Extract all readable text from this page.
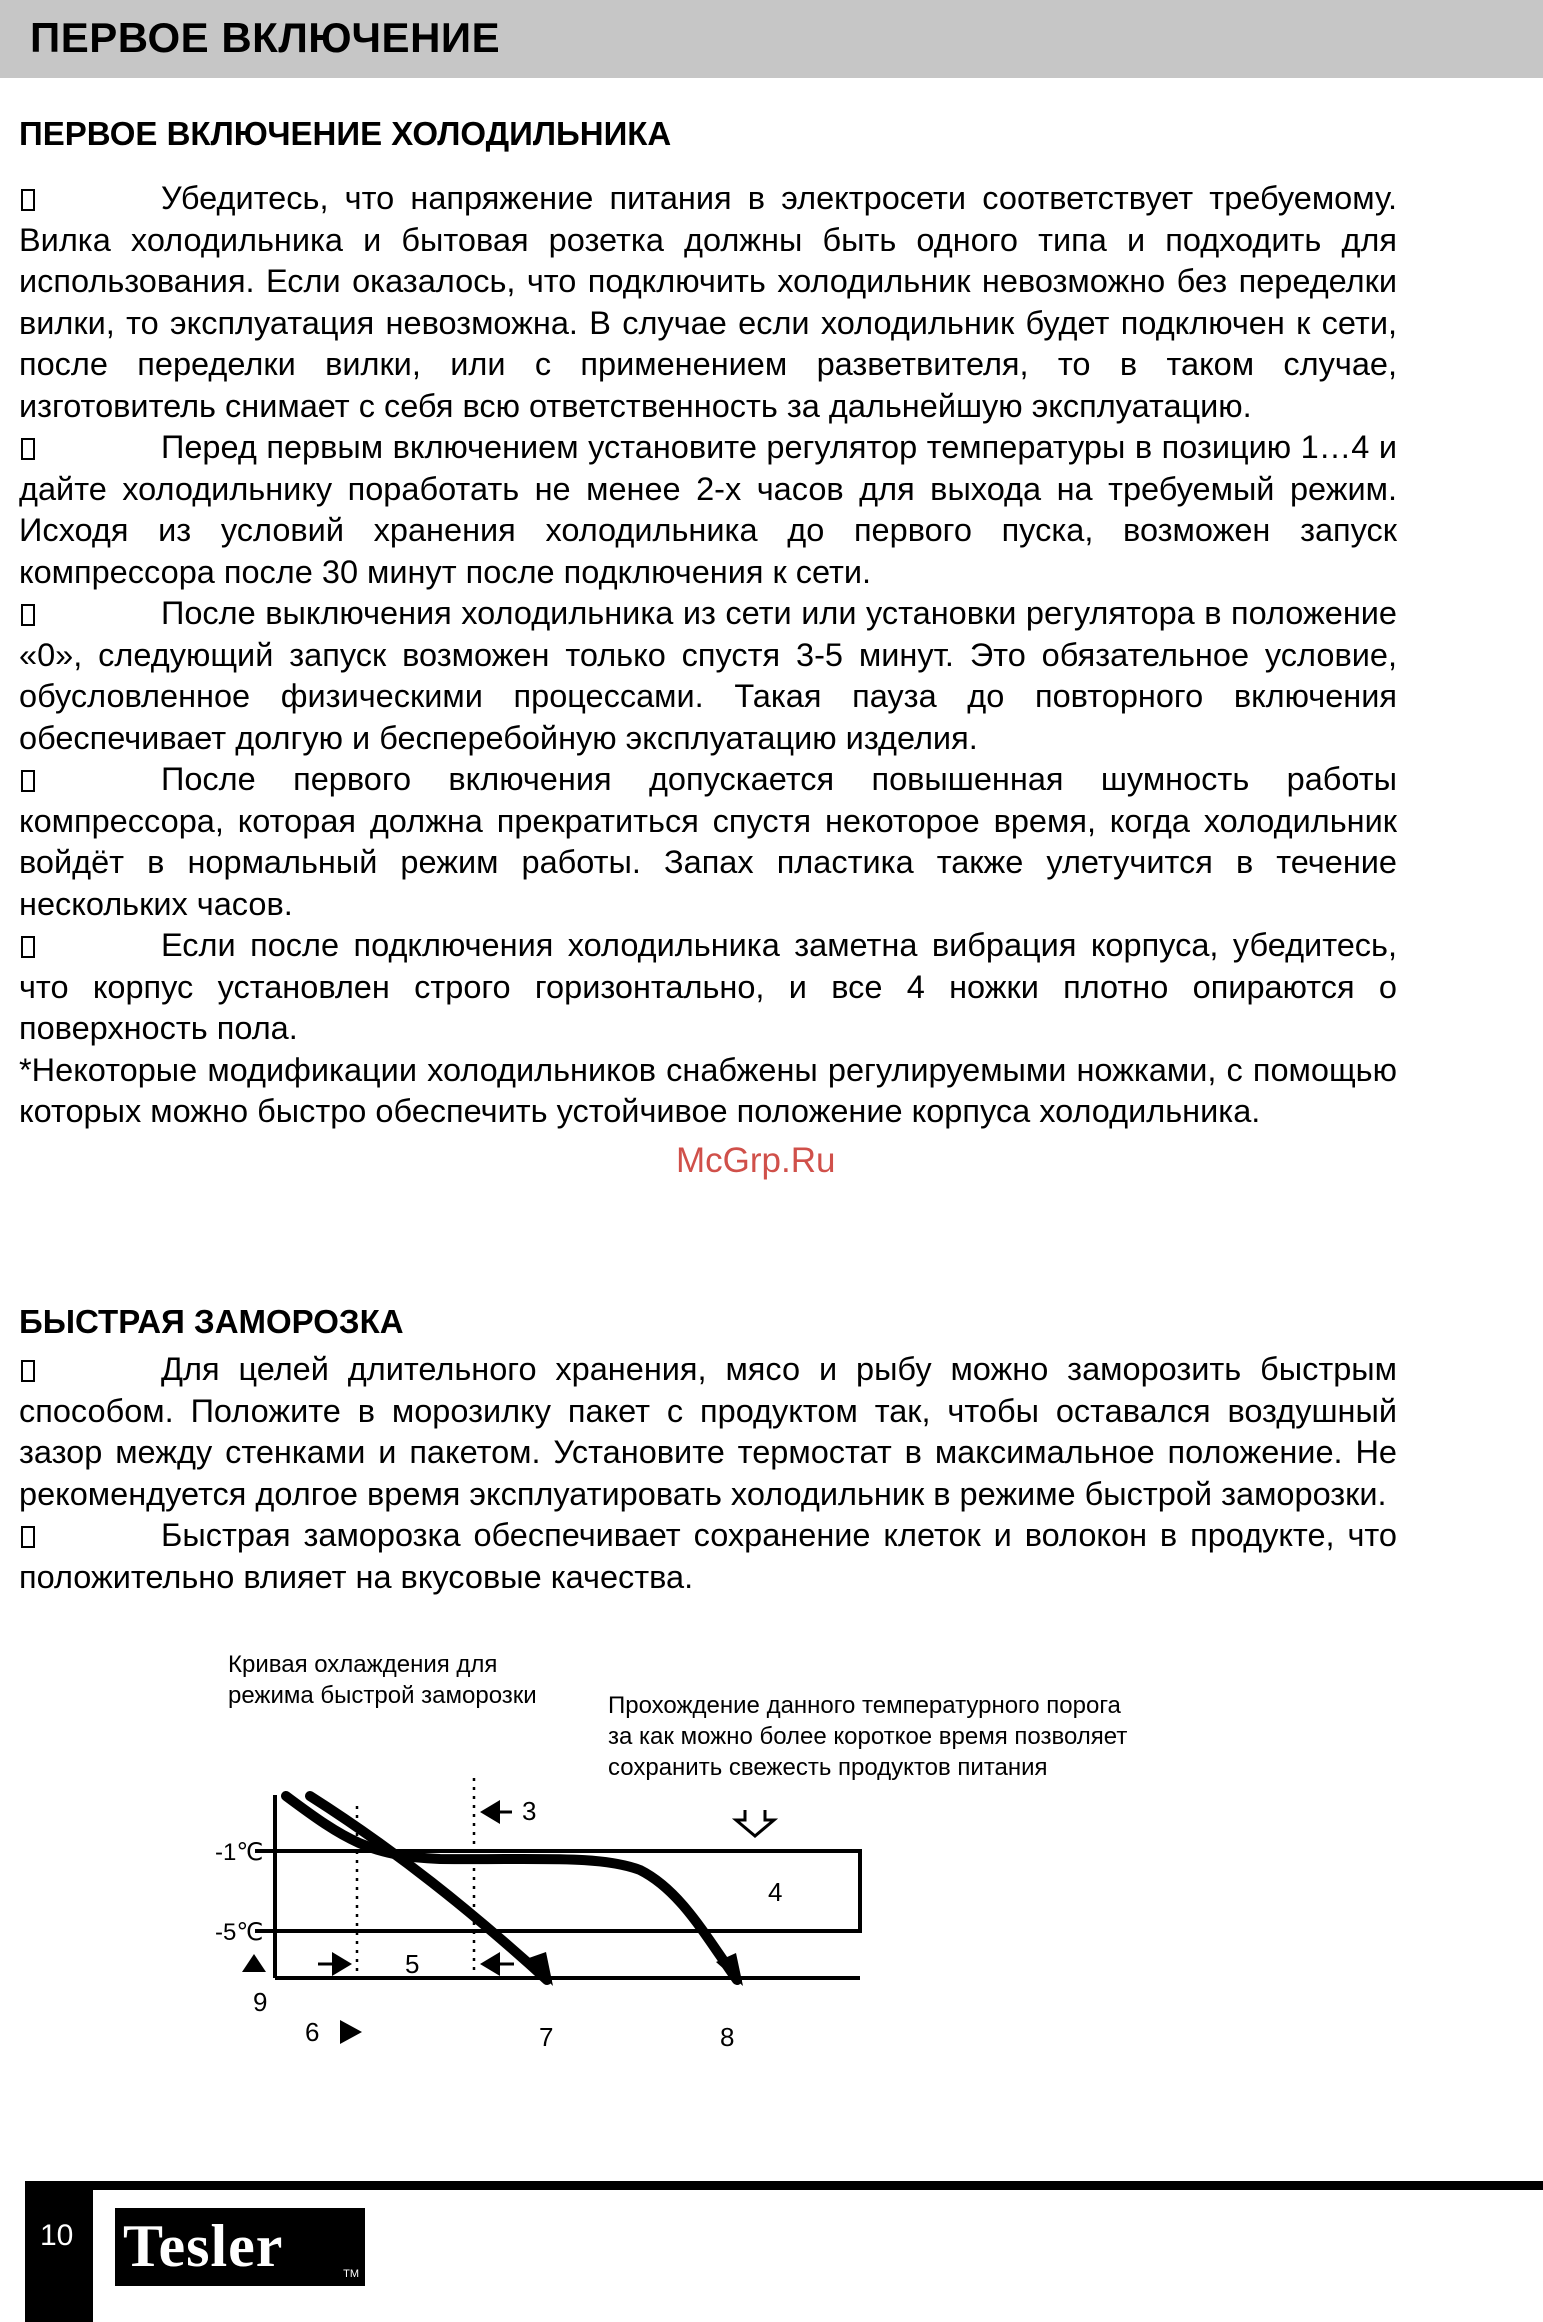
ПЕРВОЕ ВКЛЮЧЕНИЕ
ПЕРВОЕ ВКЛЮЧЕНИЕ ХОЛОДИЛЬНИКА
Убедитесь, что напряжение питания в электросети соответствует требуемому. Вилка холодильника и бытовая розетка должны быть одного типа и подходить для использования. Если оказалось, что подключить холодильник невозможно без переделки вилки, то эксплуатация невозможна. В случае если холодильник будет подключен к сети, после переделки вилки, или с применением разветвителя, то в таком случае, изготовитель снимает с себя всю ответственность за дальнейшую эксплуатацию.
Перед первым включением установите регулятор температуры в позицию 1…4 и дайте холодильнику поработать не менее 2-х часов для выхода на требуемый режим. Исходя из условий хранения холодильника до первого пуска, возможен запуск компрессора после 30 минут после подключения к сети.
После выключения холодильника из сети или установки регулятора в положение «0», следующий запуск возможен только спустя 3-5 минут. Это обязательное условие, обусловленное физическими процессами. Такая пауза до повторного включения обеспечивает долгую и бесперебойную эксплуатацию изделия.
После первого включения допускается повышенная шумность работы компрессора, которая должна прекратиться спустя некоторое время, когда холодильник войдёт в нормальный режим работы. Запах пластика также улетучится в течение нескольких часов.
Если после подключения холодильника заметна вибрация корпуса, убедитесь, что корпус установлен строго горизонтально, и все 4 ножки плотно опираются о поверхность пола.
*Некоторые модификации холодильников снабжены регулируемыми ножками, с помощью которых можно быстро обеспечить устойчивое положение корпуса холодильника.
McGrp.Ru
БЫСТРАЯ ЗАМОРОЗКА
Для целей длительного хранения, мясо и рыбу можно заморозить быстрым способом. Положите в морозилку пакет с продуктом так, чтобы оставался воздушный зазор между стенками и пакетом. Установите термостат в максимальное положение. Не рекомендуется долгое время эксплуатировать холодильник в режиме быстрой заморозки.
Быстрая заморозка обеспечивает сохранение клеток и волокон в продукте, что положительно влияет на вкусовые качества.
Кривая охлаждения для
режима быстрой заморозки	Прохождение данного температурного порога
за как можно более короткое время позволяет
сохранить свежесть продуктов питания
-1℃
-5℃
3
4
5
6	7	8
9
10 Tesler	TM
